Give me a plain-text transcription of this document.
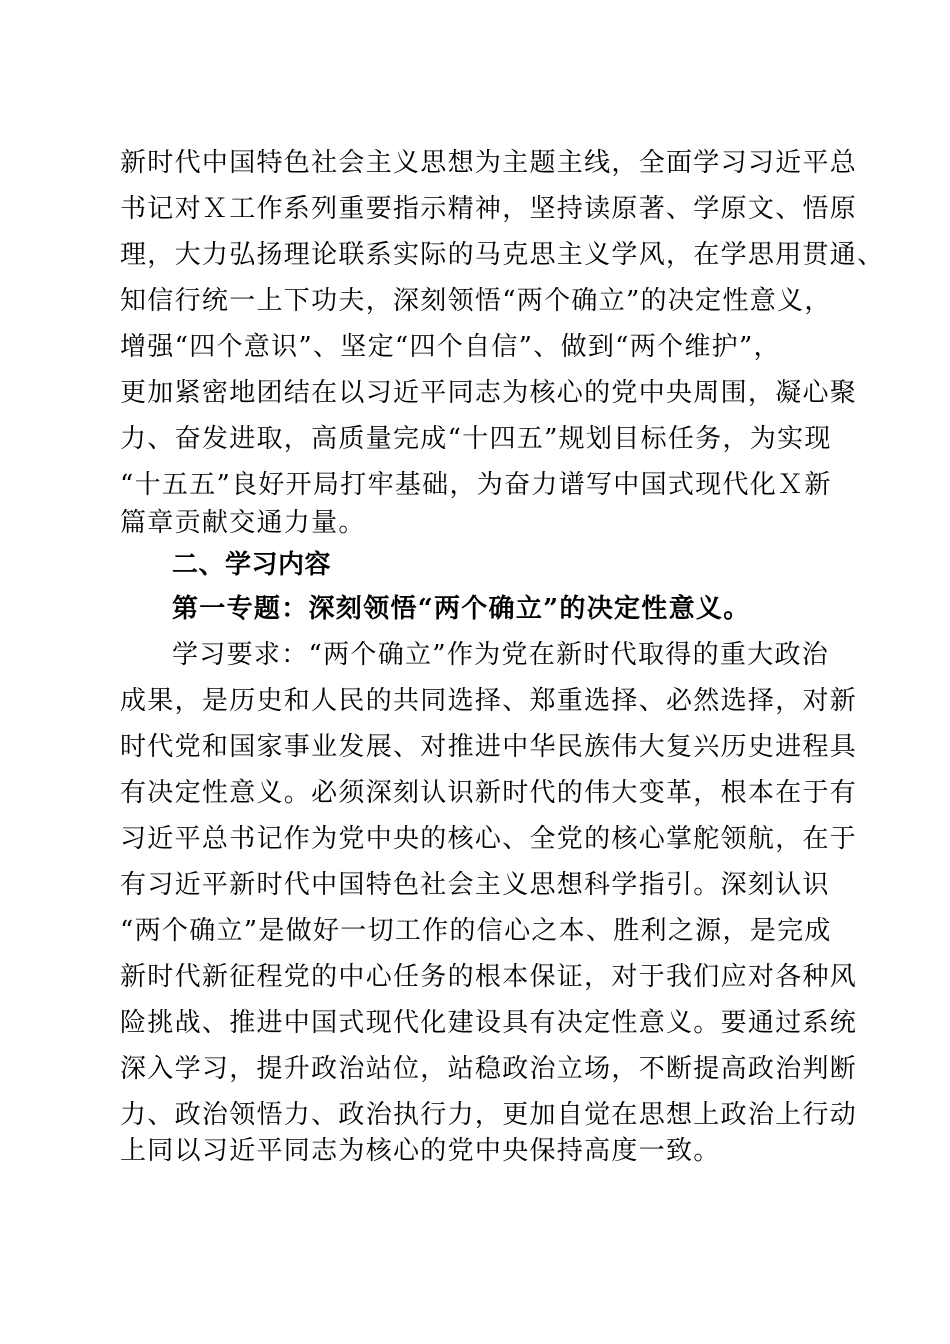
新时代中国特色社会主义思想为主题主线，全面学习习近平总
书记对Ｘ工作系列重要指示精神，坚持读原著、学原文、悟原
理，大力弘扬理论联系实际的马克思主义学风，在学思用贯通、
知信行统一上下功夫，深刻领悟“两个确立”的决定性意义，
增强“四个意识”、坚定“四个自信”、做到“两个维护”，
更加紧密地团结在以习近平同志为核心的党中央周围，凝心聚
力、奋发进取，高质量完成“十四五”规划目标任务，为实现
“十五五”良好开局打牢基础，为奋力谱写中国式现代化Ｘ新
篇章贡献交通力量。
二、学习内容
第一专题：深刻领悟“两个确立”的决定性意义。
学习要求：“两个确立”作为党在新时代取得的重大政治
成果，是历史和人民的共同选择、郑重选择、必然选择，对新
时代党和国家事业发展、对推进中华民族伟大复兴历史进程具
有决定性意义。必须深刻认识新时代的伟大变革，根本在于有
习近平总书记作为党中央的核心、全党的核心掌舵领航，在于
有习近平新时代中国特色社会主义思想科学指引。深刻认识
“两个确立”是做好一切工作的信心之本、胜利之源，是完成
新时代新征程党的中心任务的根本保证，对于我们应对各种风
险挑战、推进中国式现代化建设具有决定性意义。要通过系统
深入学习，提升政治站位，站稳政治立场，不断提高政治判断
力、政治领悟力、政治执行力，更加自觉在思想上政治上行动
上同以习近平同志为核心的党中央保持高度一致。
